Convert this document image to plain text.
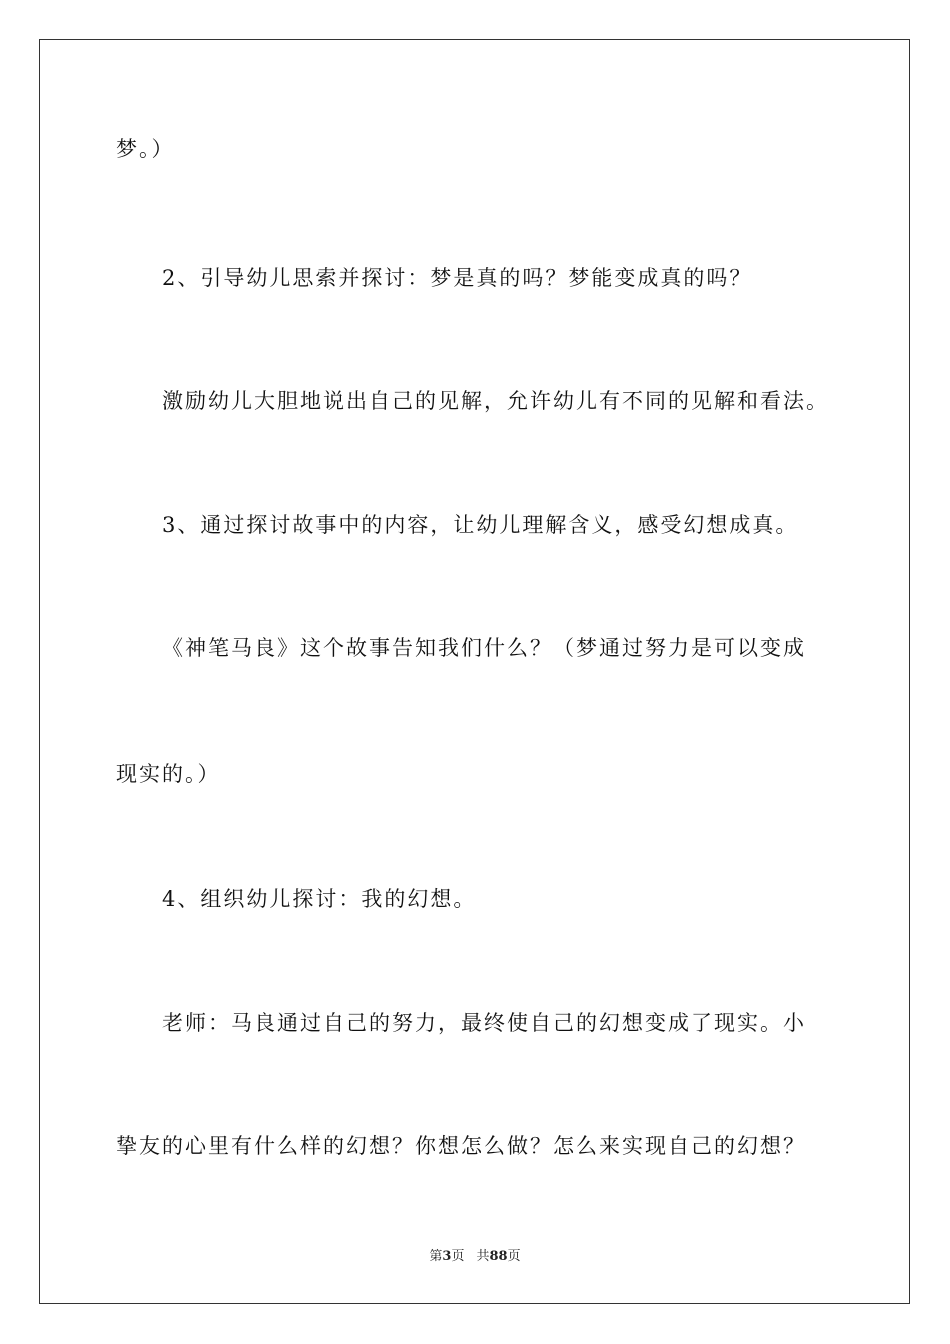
梦。）
2、引导幼儿思索并探讨：梦是真的吗？梦能变成真的吗？
激励幼儿大胆地说出自己的见解，允许幼儿有不同的见解和看法。
3、通过探讨故事中的内容，让幼儿理解含义，感受幻想成真。
《神笔马良》这个故事告知我们什么？（梦通过努力是可以变成
现实的。）
4、组织幼儿探讨：我的幻想。
老师：马良通过自己的努力，最终使自己的幻想变成了现实。小
挚友的心里有什么样的幻想？你想怎么做？怎么来实现自己的幻想？
第3页 共88页
